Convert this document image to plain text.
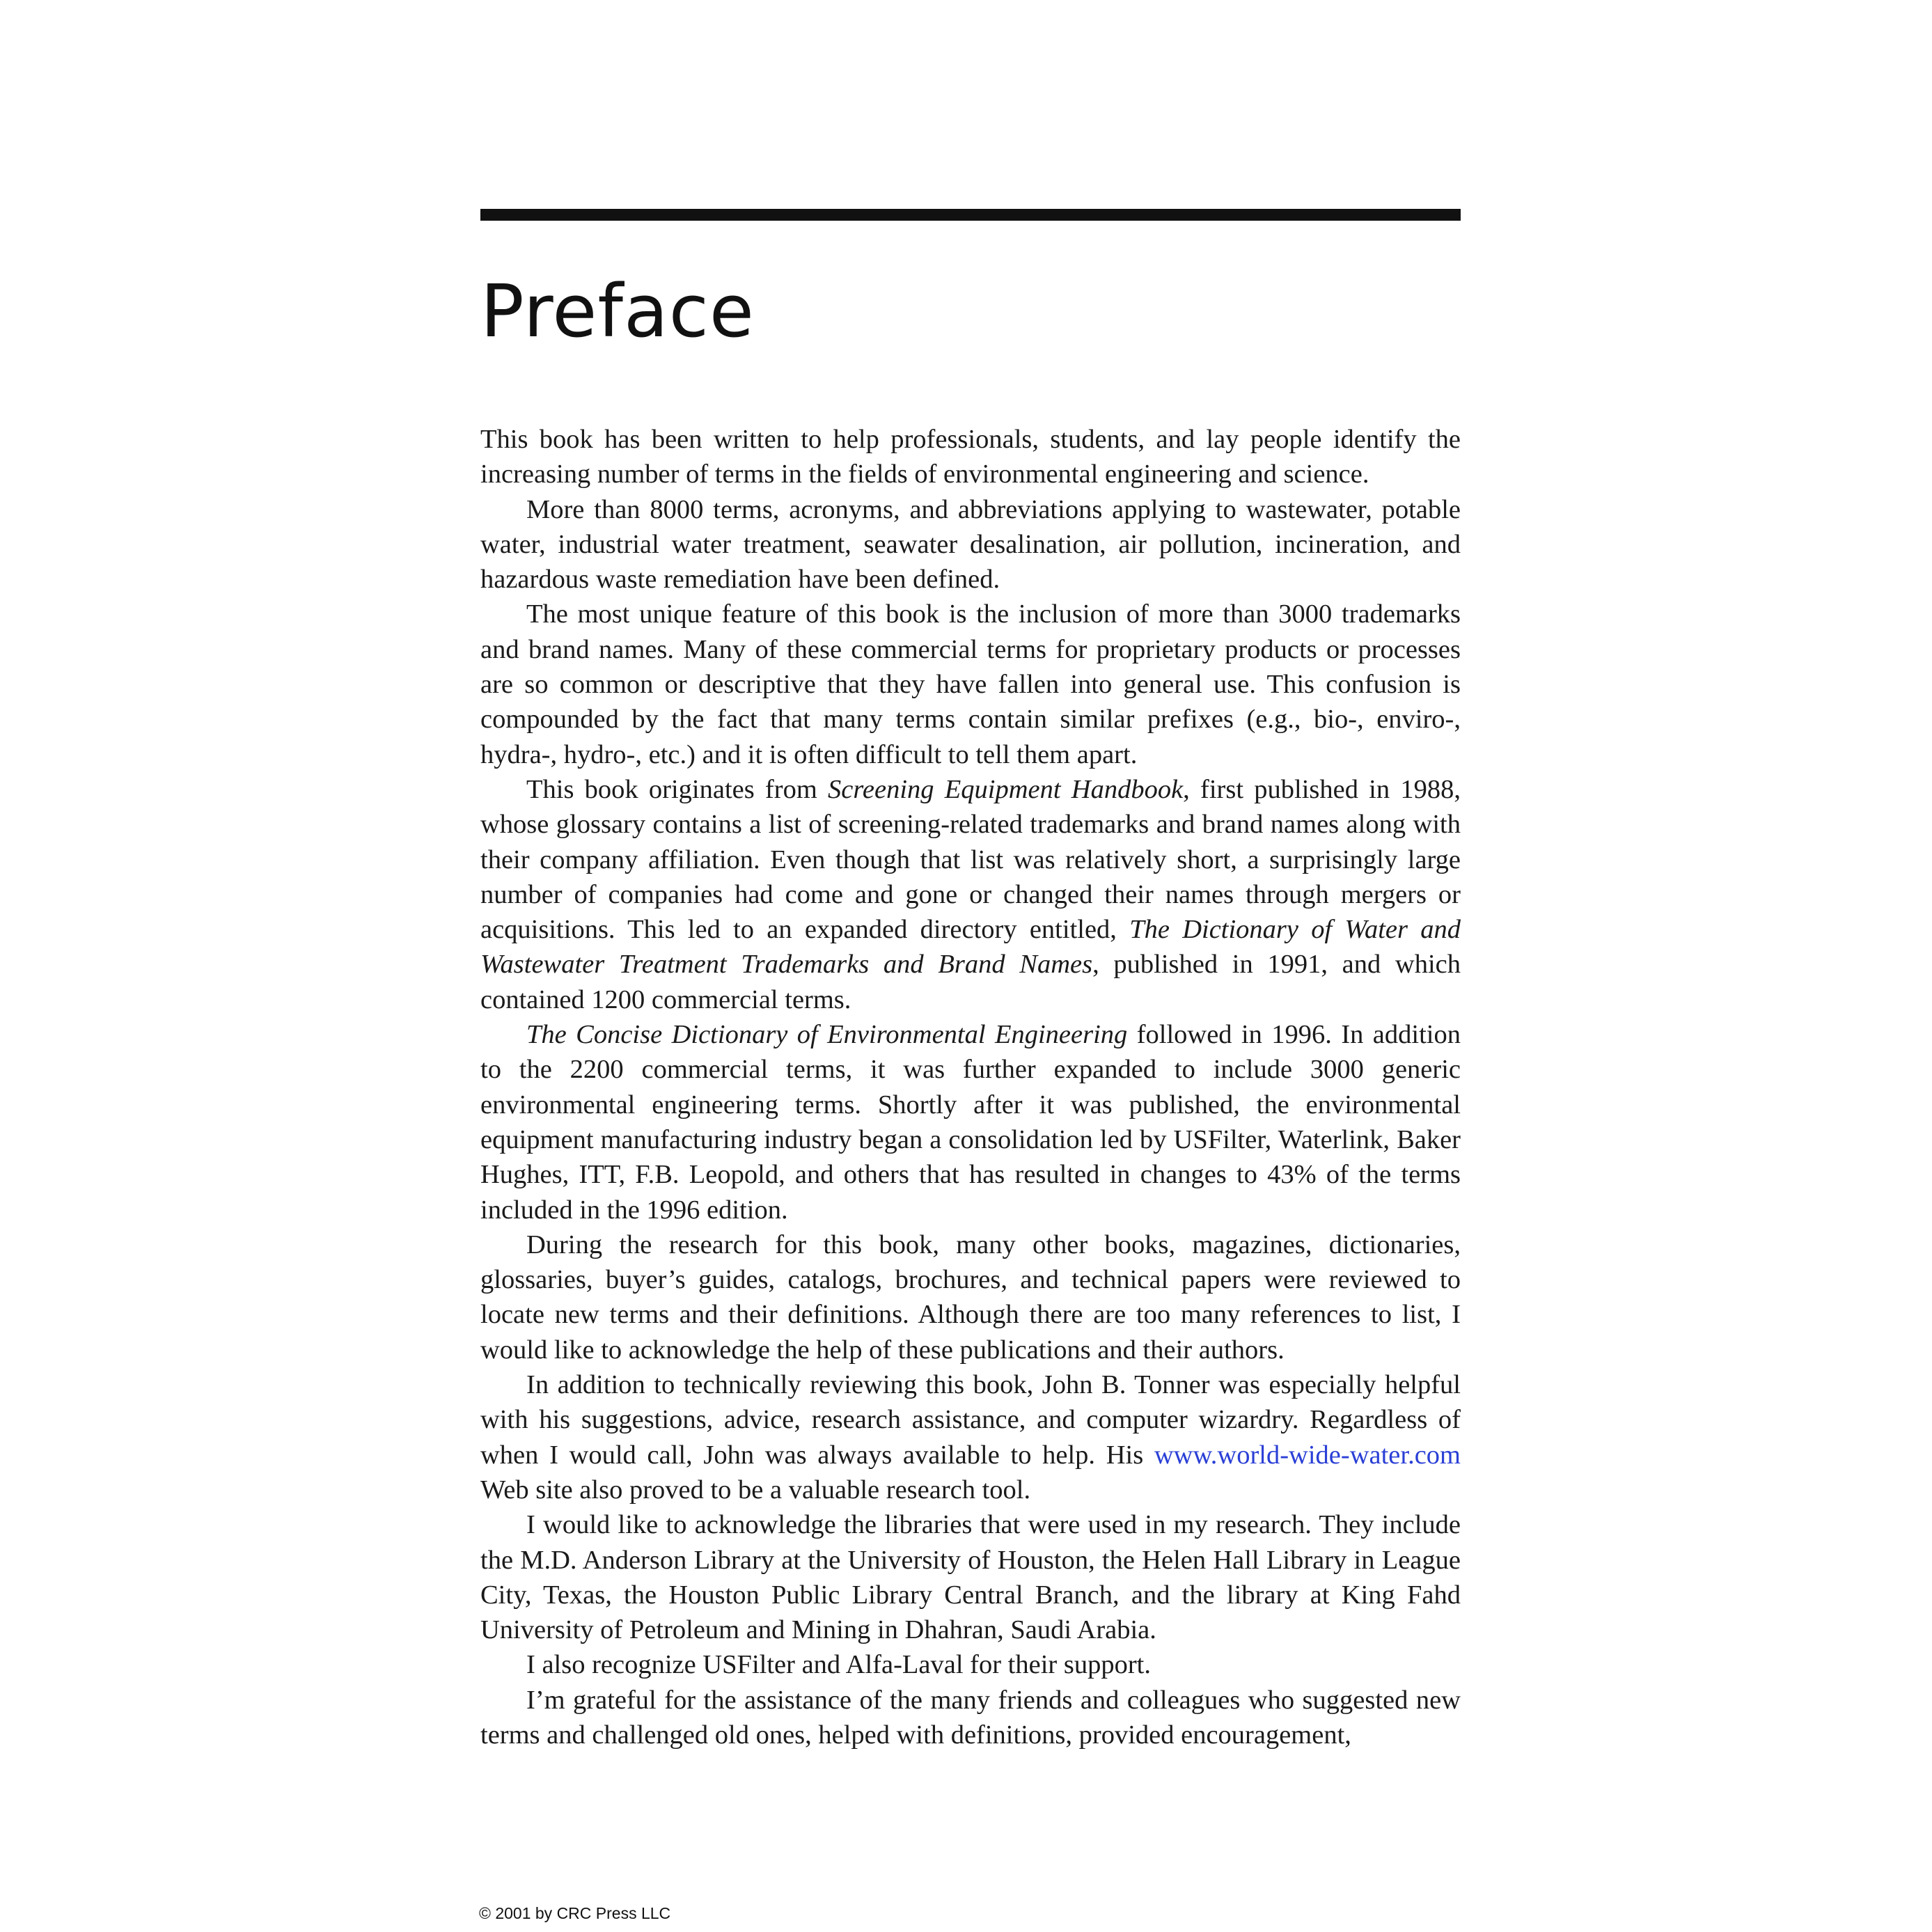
Preface

This book has been written to help professionals, students, and lay people identify the increasing number of terms in the fields of environmental engineering and science.

More than 8000 terms, acronyms, and abbreviations applying to wastewater, potable water, industrial water treatment, seawater desalination, air pollution, incineration, and hazardous waste remediation have been defined.

The most unique feature of this book is the inclusion of more than 3000 trademarks and brand names. Many of these commercial terms for proprietary products or processes are so common or descriptive that they have fallen into general use. This confusion is compounded by the fact that many terms contain similar prefixes (e.g., bio-, enviro-, hydra-, hydro-, etc.) and it is often difficult to tell them apart.

This book originates from Screening Equipment Handbook, first published in 1988, whose glossary contains a list of screening-related trademarks and brand names along with their company affiliation. Even though that list was relatively short, a surprisingly large number of companies had come and gone or changed their names through mergers or acquisitions. This led to an expanded directory entitled, The Dictionary of Water and Wastewater Treatment Trademarks and Brand Names, published in 1991, and which contained 1200 commercial terms.

The Concise Dictionary of Environmental Engineering followed in 1996. In addition to the 2200 commercial terms, it was further expanded to include 3000 generic environmental engineering terms. Shortly after it was published, the environmental equipment manufacturing industry began a consolidation led by USFilter, Waterlink, Baker Hughes, ITT, F.B. Leopold, and others that has resulted in changes to 43% of the terms included in the 1996 edition.

During the research for this book, many other books, magazines, dictionaries, glossaries, buyer’s guides, catalogs, brochures, and technical papers were reviewed to locate new terms and their definitions. Although there are too many references to list, I would like to acknowledge the help of these publications and their authors.

In addition to technically reviewing this book, John B. Tonner was especially helpful with his suggestions, advice, research assistance, and computer wizardry. Regardless of when I would call, John was always available to help. His www.world-wide-water.com Web site also proved to be a valuable research tool.

I would like to acknowledge the libraries that were used in my research. They include the M.D. Anderson Library at the University of Houston, the Helen Hall Library in League City, Texas, the Houston Public Library Central Branch, and the library at King Fahd University of Petroleum and Mining in Dhahran, Saudi Arabia.

I also recognize USFilter and Alfa-Laval for their support.

I’m grateful for the assistance of the many friends and colleagues who suggested new terms and challenged old ones, helped with definitions, provided encouragement,

© 2001 by CRC Press LLC
